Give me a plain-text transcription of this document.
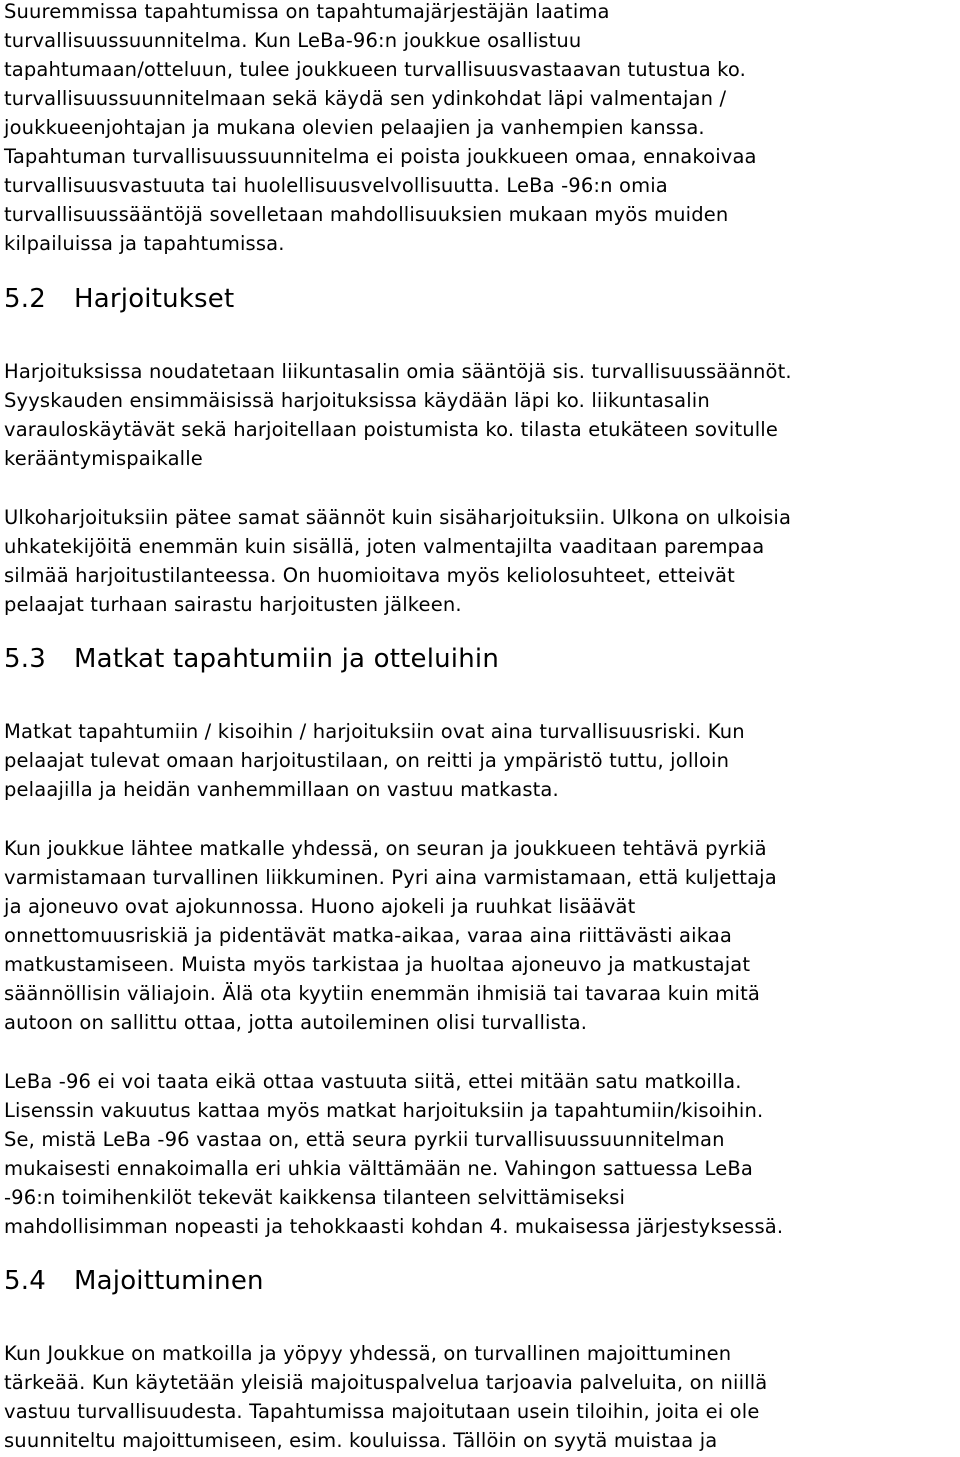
Suuremmissa tapahtumissa on tapahtumajärjestäjän laatima
turvallisuussuunnitelma. Kun LeBa-96:n joukkue osallistuu
tapahtumaan/otteluun, tulee joukkueen turvallisuusvastaavan tutustua ko.
turvallisuussuunnitelmaan sekä käydä sen ydinkohdat läpi valmentajan /
joukkueenjohtajan ja mukana olevien pelaajien ja vanhempien kanssa.
Tapahtuman turvallisuussuunnitelma ei poista joukkueen omaa, ennakoivaa
turvallisuusvastuuta tai huolellisuusvelvollisuutta. LeBa -96:n omia
turvallisuussääntöjä sovelletaan mahdollisuuksien mukaan myös muiden
kilpailuissa ja tapahtumissa.
5.2 Harjoitukset
Harjoituksissa noudatetaan liikuntasalin omia sääntöjä sis. turvallisuussäännöt.
Syyskauden ensimmäisissä harjoituksissa käydään läpi ko. liikuntasalin
varauloskäytävät sekä harjoitellaan poistumista ko. tilasta etukäteen sovitulle
kerääntymispaikalle
Ulkoharjoituksiin pätee samat säännöt kuin sisäharjoituksiin. Ulkona on ulkoisia
uhkatekijöitä enemmän kuin sisällä, joten valmentajilta vaaditaan parempaa
silmää harjoitustilanteessa. On huomioitava myös keliolosuhteet, etteivät
pelaajat turhaan sairastu harjoitusten jälkeen.
5.3 Matkat tapahtumiin ja otteluihin
Matkat tapahtumiin / kisoihin / harjoituksiin ovat aina turvallisuusriski. Kun
pelaajat tulevat omaan harjoitustilaan, on reitti ja ympäristö tuttu, jolloin
pelaajilla ja heidän vanhemmillaan on vastuu matkasta.
Kun joukkue lähtee matkalle yhdessä, on seuran ja joukkueen tehtävä pyrkiä
varmistamaan turvallinen liikkuminen. Pyri aina varmistamaan, että kuljettaja
ja ajoneuvo ovat ajokunnossa. Huono ajokeli ja ruuhkat lisäävät
onnettomuusriskiä ja pidentävät matka-aikaa, varaa aina riittävästi aikaa
matkustamiseen. Muista myös tarkistaa ja huoltaa ajoneuvo ja matkustajat
säännöllisin väliajoin. Älä ota kyytiin enemmän ihmisiä tai tavaraa kuin mitä
autoon on sallittu ottaa, jotta autoileminen olisi turvallista.
LeBa -96 ei voi taata eikä ottaa vastuuta siitä, ettei mitään satu matkoilla.
Lisenssin vakuutus kattaa myös matkat harjoituksiin ja tapahtumiin/kisoihin.
Se, mistä LeBa -96 vastaa on, että seura pyrkii turvallisuussuunnitelman
mukaisesti ennakoimalla eri uhkia välttämään ne. Vahingon sattuessa LeBa
-96:n toimihenkilöt tekevät kaikkensa tilanteen selvittämiseksi
mahdollisimman nopeasti ja tehokkaasti kohdan 4. mukaisessa järjestyksessä.
5.4 Majoittuminen
Kun Joukkue on matkoilla ja yöpyy yhdessä, on turvallinen majoittuminen
tärkeää. Kun käytetään yleisiä majoituspalvelua tarjoavia palveluita, on niillä
vastuu turvallisuudesta. Tapahtumissa majoitutaan usein tiloihin, joita ei ole
suunniteltu majoittumiseen, esim. kouluissa. Tällöin on syytä muistaa ja
